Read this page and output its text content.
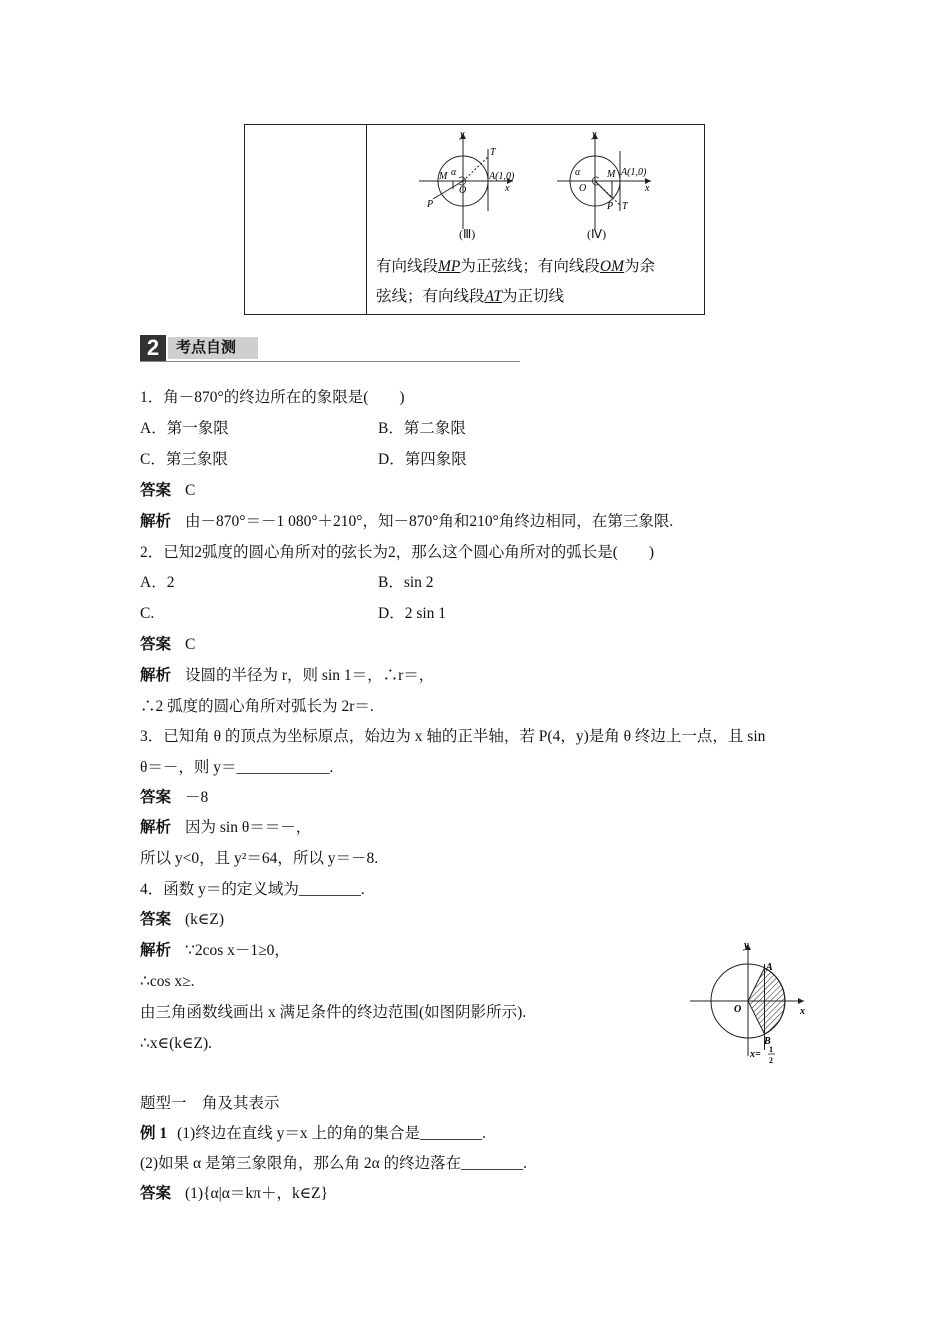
y
x
M α
O
P
T
A(1,0)
(Ⅲ)
y
x
α
O
M
P T
A(1,0)
(Ⅳ)
有向线段MP为正弦线；有向线段OM为余
弦线；有向线段AT为正切线
2	考点自测
1．角－870°的终边所在的象限是(　　)
A．第一象限	B．第二象限
C．第三象限	D．第四象限
答案 C
解析 由－870°＝－1 080°＋210°，知－870°角和210°角终边相同，在第三象限.
2．已知2弧度的圆心角所对的弦长为2，那么这个圆心角所对的弧长是(　　)
A．2	B．sin 2
C.	D．2 sin 1
答案 C
解析 设圆的半径为 r，则 sin 1＝，∴r＝，
∴2 弧度的圆心角所对弧长为 2r＝.
3．已知角 θ 的顶点为坐标原点，始边为 x 轴的正半轴，若 P(4，y)是角 θ 终边上一点，且 sin
θ＝－，则 y＝____________.
答案 －8
解析 因为 sin θ＝＝－，
所以 y<0，且 y²＝64，所以 y＝－8.
4．函数 y＝的定义域为________.
答案 (k∈Z)
解析 ∵2cos x－1≥0，
∴cos x≥.
由三角函数线画出 x 满足条件的终边范围(如图阴影所示).
∴x∈(k∈Z).
y
x
O
A
B
x= 1
2
题型一　角及其表示
例 1 (1)终边在直线 y＝x 上的角的集合是________.
(2)如果 α 是第三象限角，那么角 2α 的终边落在________.
答案 (1){α|α＝kπ＋，k∈Z}
